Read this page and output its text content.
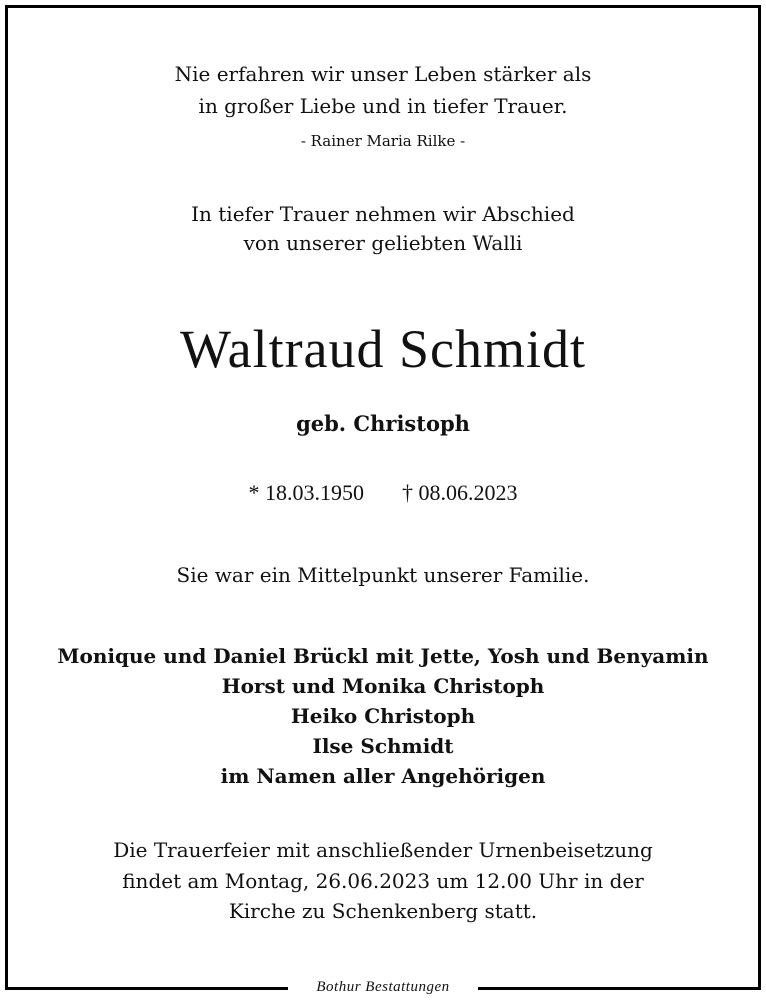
Nie erfahren wir unser Leben stärker als
in großer Liebe und in tiefer Trauer.
- Rainer Maria Rilke -
In tiefer Trauer nehmen wir Abschied
von unserer geliebten Walli
Waltraud Schmidt
geb. Christoph
* 18.03.1950 † 08.06.2023
Sie war ein Mittelpunkt unserer Familie.
Monique und Daniel Brückl mit Jette, Yosh und Benyamin
Horst und Monika Christoph
Heiko Christoph
Ilse Schmidt
im Namen aller Angehörigen
Die Trauerfeier mit anschließender Urnenbeisetzung
findet am Montag, 26.06.2023 um 12.00 Uhr in der
Kirche zu Schenkenberg statt.
Bothur Bestattungen
